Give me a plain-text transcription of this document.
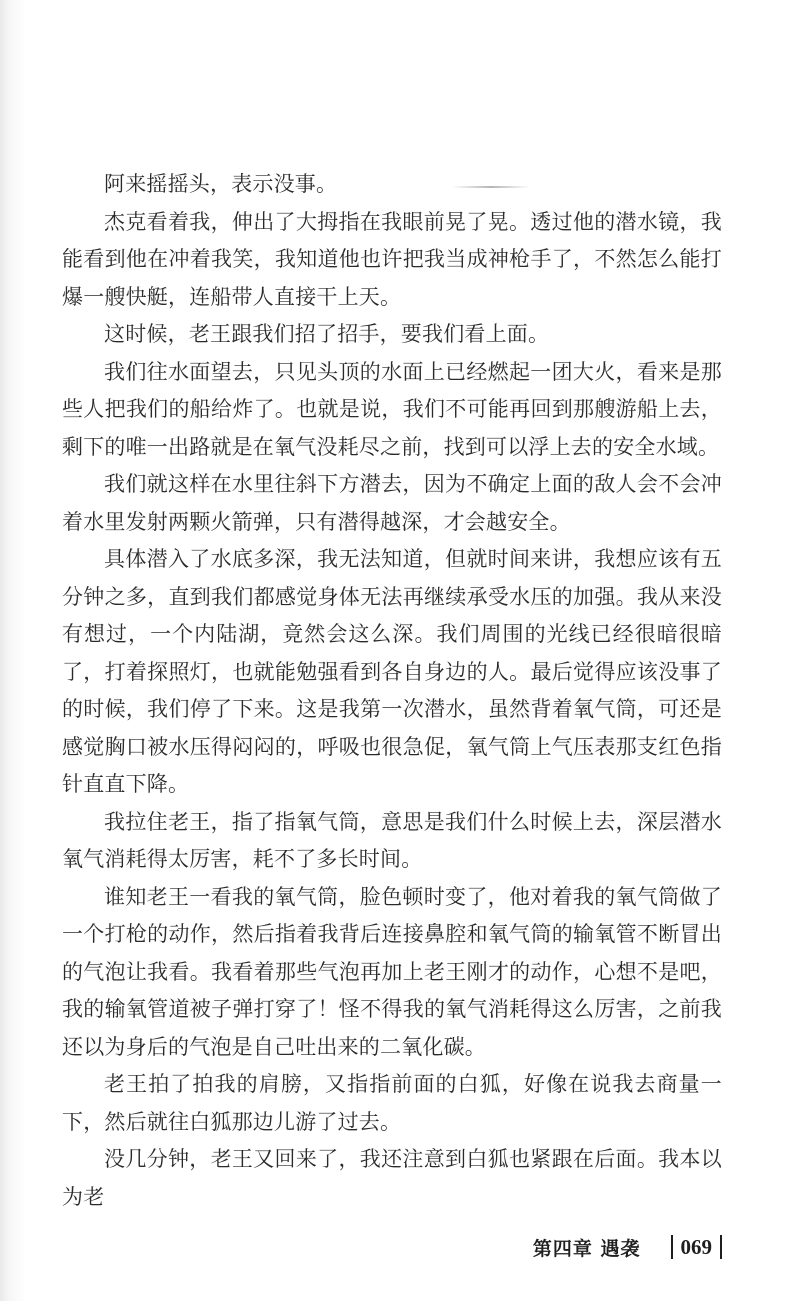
阿来摇摇头，表示没事。

杰克看着我，伸出了大拇指在我眼前晃了晃。透过他的潜水镜，我能看到他在冲着我笑，我知道他也许把我当成神枪手了，不然怎么能打爆一艘快艇，连船带人直接干上天。

这时候，老王跟我们招了招手，要我们看上面。

我们往水面望去，只见头顶的水面上已经燃起一团大火，看来是那些人把我们的船给炸了。也就是说，我们不可能再回到那艘游船上去，剩下的唯一出路就是在氧气没耗尽之前，找到可以浮上去的安全水域。

我们就这样在水里往斜下方潜去，因为不确定上面的敌人会不会冲着水里发射两颗火箭弹，只有潜得越深，才会越安全。

具体潜入了水底多深，我无法知道，但就时间来讲，我想应该有五分钟之多，直到我们都感觉身体无法再继续承受水压的加强。我从来没有想过，一个内陆湖，竟然会这么深。我们周围的光线已经很暗很暗了，打着探照灯，也就能勉强看到各自身边的人。最后觉得应该没事了的时候，我们停了下来。这是我第一次潜水，虽然背着氧气筒，可还是感觉胸口被水压得闷闷的，呼吸也很急促，氧气筒上气压表那支红色指针直直下降。

我拉住老王，指了指氧气筒，意思是我们什么时候上去，深层潜水氧气消耗得太厉害，耗不了多长时间。

谁知老王一看我的氧气筒，脸色顿时变了，他对着我的氧气筒做了一个打枪的动作，然后指着我背后连接鼻腔和氧气筒的输氧管不断冒出的气泡让我看。我看着那些气泡再加上老王刚才的动作，心想不是吧，我的输氧管道被子弹打穿了！怪不得我的氧气消耗得这么厉害，之前我还以为身后的气泡是自己吐出来的二氧化碳。

老王拍了拍我的肩膀，又指指前面的白狐，好像在说我去商量一下，然后就往白狐那边儿游了过去。

没几分钟，老王又回来了，我还注意到白狐也紧跟在后面。我本以为老

第四章 遇袭 069
